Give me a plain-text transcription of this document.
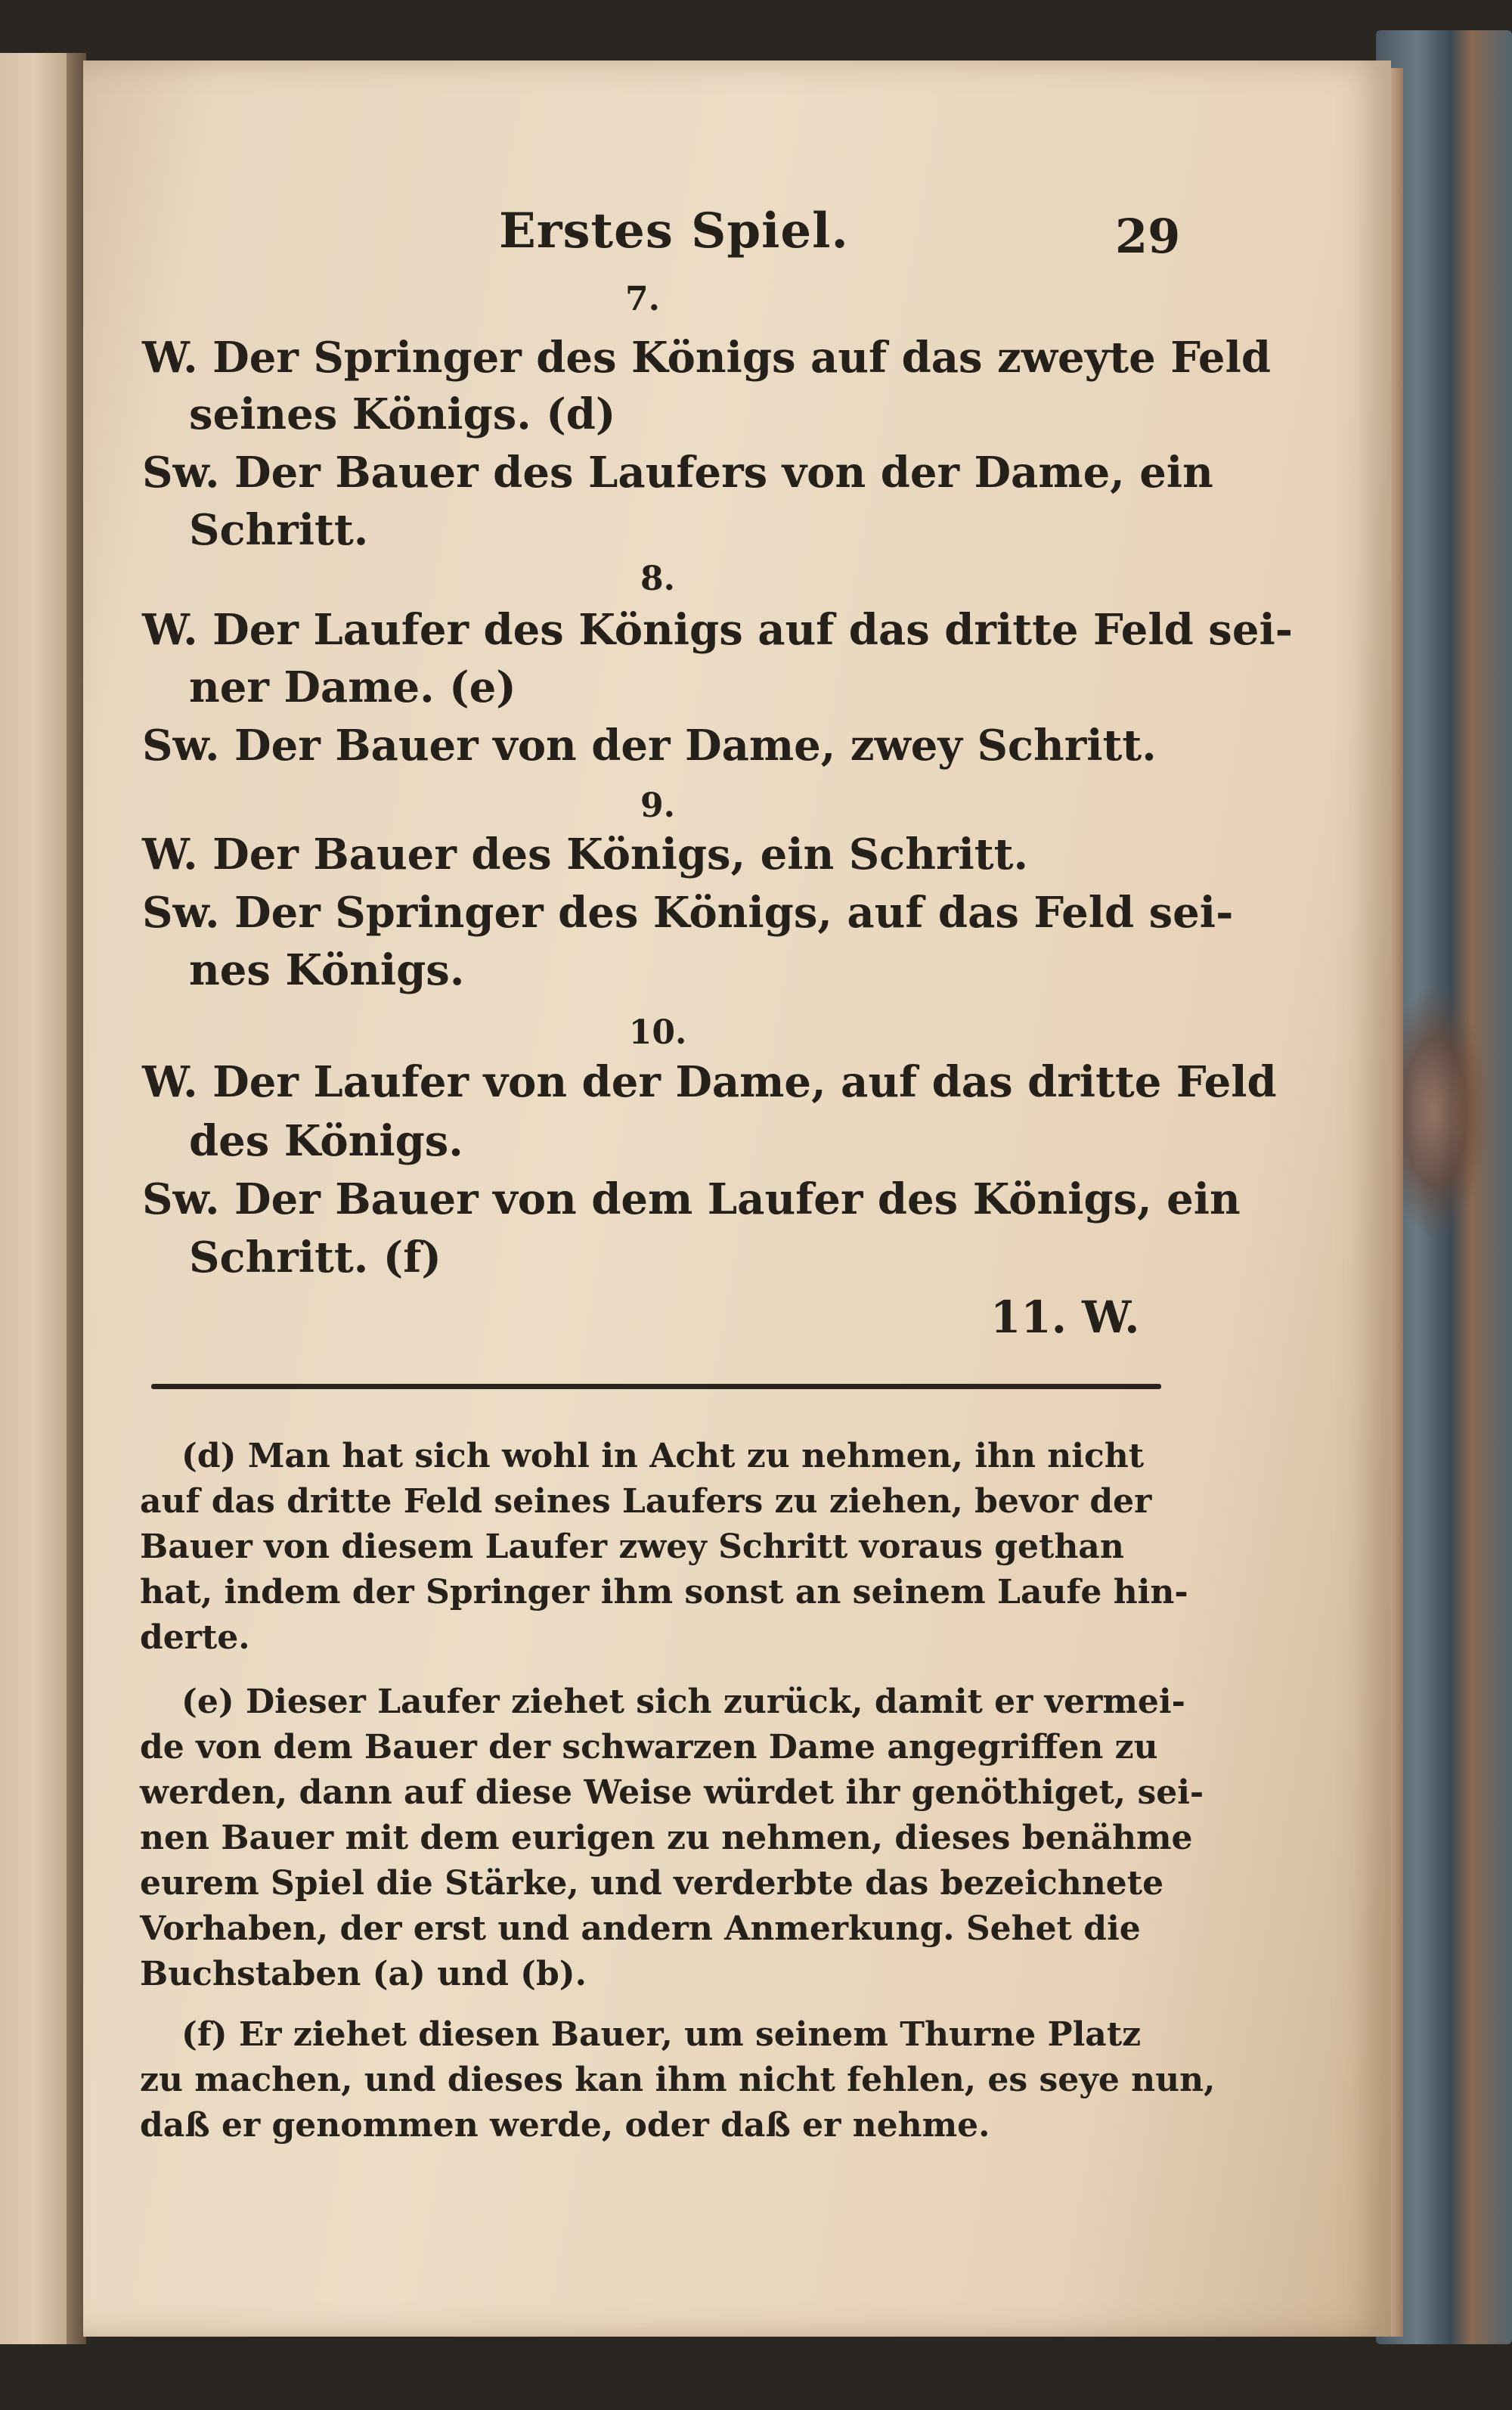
Erstes Spiel.	29
7.
W. Der Springer des Königs auf das zweyte Feld
seines Königs. (d)
Sw. Der Bauer des Laufers von der Dame, ein
Schritt.
8.
W. Der Laufer des Königs auf das dritte Feld sei-
ner Dame. (e)
Sw. Der Bauer von der Dame, zwey Schritt.
9.
W. Der Bauer des Königs, ein Schritt.
Sw. Der Springer des Königs, auf das Feld sei-
nes Königs.
10.
W. Der Laufer von der Dame, auf das dritte Feld
des Königs.
Sw. Der Bauer von dem Laufer des Königs, ein
Schritt. (f)
11. W.
(d) Man hat sich wohl in Acht zu nehmen, ihn nicht
auf das dritte Feld seines Laufers zu ziehen, bevor der
Bauer von diesem Laufer zwey Schritt voraus gethan
hat, indem der Springer ihm sonst an seinem Laufe hin-
derte.
(e) Dieser Laufer ziehet sich zurück, damit er vermei-
de von dem Bauer der schwarzen Dame angegriffen zu
werden, dann auf diese Weise würdet ihr genöthiget, sei-
nen Bauer mit dem eurigen zu nehmen, dieses benähme
eurem Spiel die Stärke, und verderbte das bezeichnete
Vorhaben, der erst und andern Anmerkung. Sehet die
Buchstaben (a) und (b).
(f) Er ziehet diesen Bauer, um seinem Thurne Platz
zu machen, und dieses kan ihm nicht fehlen, es seye nun,
daß er genommen werde, oder daß er nehme.
